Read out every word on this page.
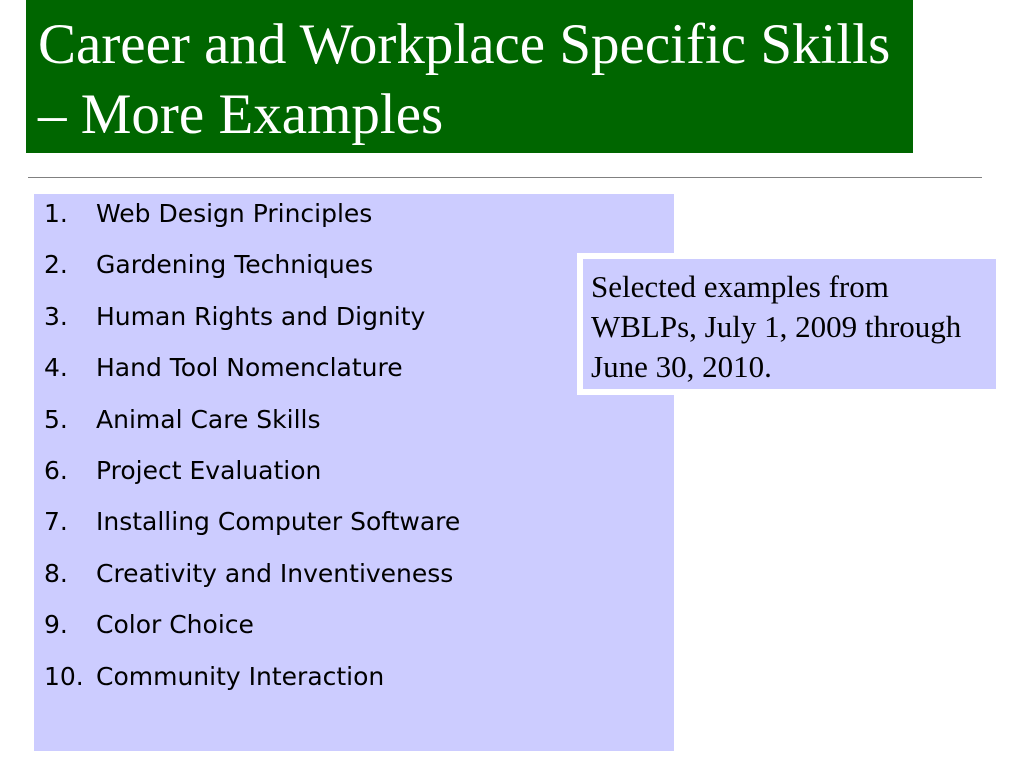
Career and Workplace Specific Skills – More Examples
1.	Web Design Principles
2.	Gardening Techniques
3.	Human Rights and Dignity
4.	Hand Tool Nomenclature
5.	Animal Care Skills
6.	Project Evaluation
7.	Installing Computer Software
8.	Creativity and Inventiveness
9.	Color Choice
10. Community Interaction

Selected examples from WBLPs, July 1, 2009 through June 30, 2010.
